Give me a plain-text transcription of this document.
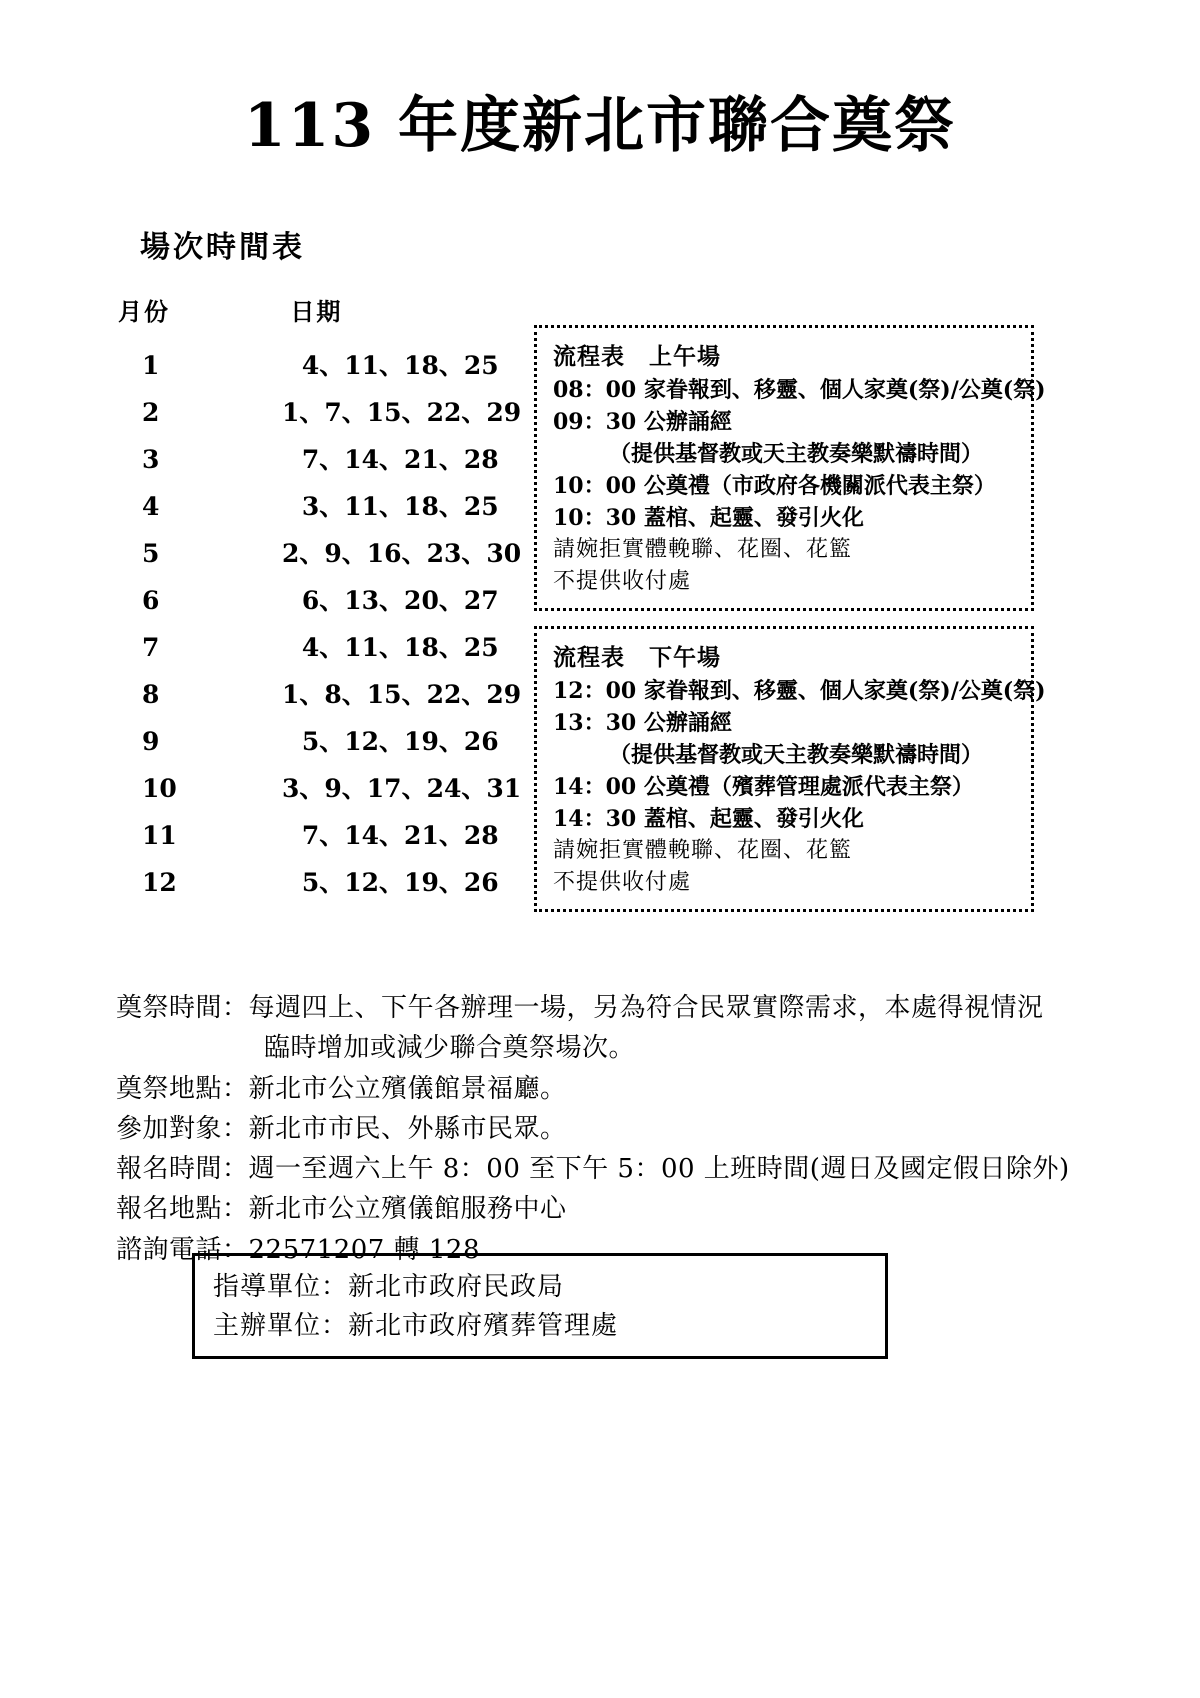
113 年度新北市聯合奠祭
場次時間表
月份	日期
1	4、11、18、25
2	1、7、15、22、29
3	7、14、21、28
4	3、11、18、25
5	2、9、16、23、30
6	6、13、20、27
7	4、11、18、25
8	1、8、15、22、29
9	5、12、19、26
10	3、9、17、24、31
11	7、14、21、28
12	5、12、19、26
流程表　上午場
08：00 家眷報到、移靈、個人家奠(祭)/公奠(祭)
09：30 公辦誦經
（提供基督教或天主教奏樂默禱時間）
10：00 公奠禮（市政府各機關派代表主祭）
10：30 蓋棺、起靈、發引火化
請婉拒實體輓聯、花圈、花籃
不提供收付處
流程表　下午場
12：00 家眷報到、移靈、個人家奠(祭)/公奠(祭)
13：30 公辦誦經
（提供基督教或天主教奏樂默禱時間）
14：00 公奠禮（殯葬管理處派代表主祭）
14：30 蓋棺、起靈、發引火化
請婉拒實體輓聯、花圈、花籃
不提供收付處
奠祭時間：每週四上、下午各辦理一場，另為符合民眾實際需求，本處得視情況
臨時增加或減少聯合奠祭場次。
奠祭地點：新北市公立殯儀館景福廳。
參加對象：新北市市民、外縣市民眾。
報名時間：週一至週六上午 8：00 至下午 5：00 上班時間(週日及國定假日除外)
報名地點：新北市公立殯儀館服務中心
諮詢電話：22571207 轉 128
指導單位：新北市政府民政局
主辦單位：新北市政府殯葬管理處
